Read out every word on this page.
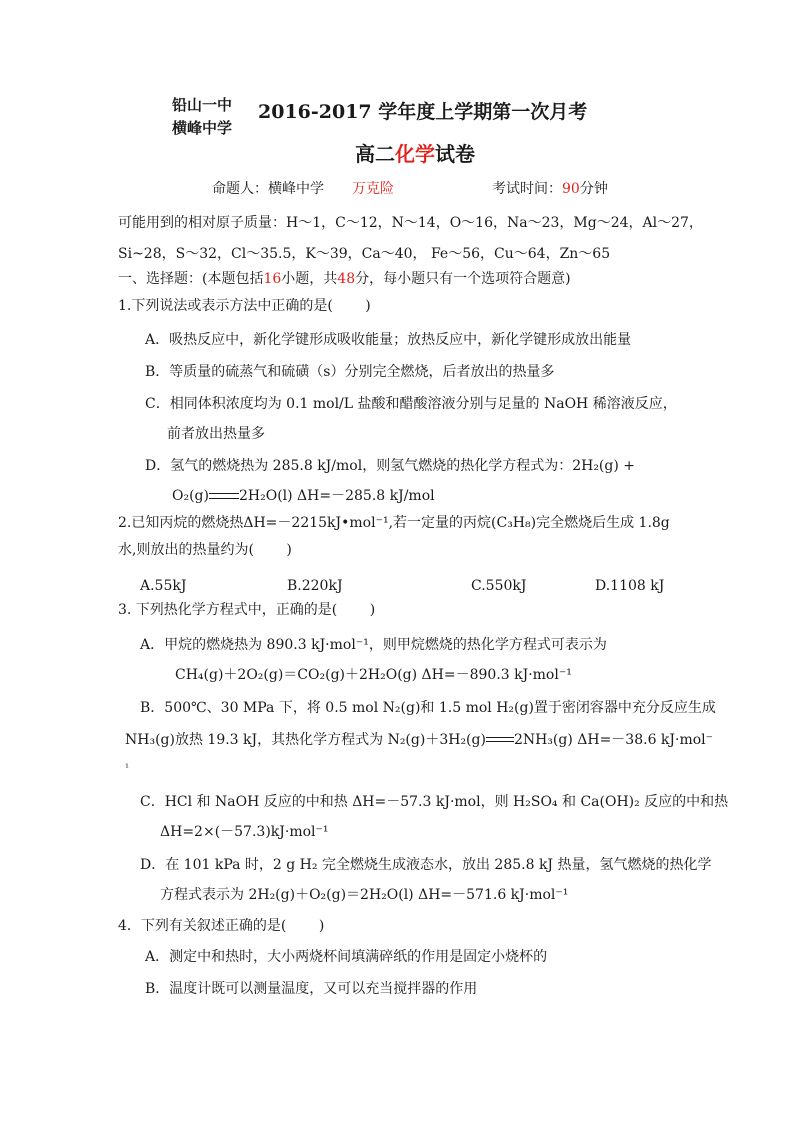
铅山一中
横峰中学
2016-2017 学年度上学期第一次月考
高二化学试卷
命题人：横峰中学 万克险	考试时间：90分钟
可能用到的相对原子质量：H～1，C～12，N～14，O～16，Na～23，Mg～24，Al～27，
Si~28，S～32，Cl～35.5，K～39，Ca～40， Fe～56，Cu～64，Zn～65
一、选择题：(本题包括16小题，共48分，每小题只有一个选项符合题意)
1.下列说法或表示方法中正确的是(　　 )
A．吸热反应中，新化学键形成吸收能量；放热反应中，新化学键形成放出能量
B．等质量的硫蒸气和硫磺（s）分别完全燃烧，后者放出的热量多
C．相同体积浓度均为 0.1 mol/L 盐酸和醋酸溶液分别与足量的 NaOH 稀溶液反应，
前者放出热量多
D．氢气的燃烧热为 285.8 kJ/mol，则氢气燃烧的热化学方程式为：2H₂(g) +
O₂(g) 2H₂O(l) ΔH=－285.8 kJ/mol
2.已知丙烷的燃烧热ΔH=－2215kJ•mol⁻¹,若一定量的丙烷(C₃H₈)完全燃烧后生成 1.8g
水,则放出的热量约为(　　 )
A.55kJ	B.220kJ	C.550kJ	D.1108 kJ
3. 下列热化学方程式中，正确的是(　　 )
A．甲烷的燃烧热为 890.3 kJ·mol⁻¹，则甲烷燃烧的热化学方程式可表示为
CH₄(g)＋2O₂(g)＝CO₂(g)＋2H₂O(g) ΔH=－890.3 kJ·mol⁻¹
B．500℃、30 MPa 下，将 0.5 mol N₂(g)和 1.5 mol H₂(g)置于密闭容器中充分反应生成
NH₃(g)放热 19.3 kJ，其热化学方程式为 N₂(g)＋3H₂(g) 2NH₃(g) ΔH=－38.6 kJ·mol⁻
¹
C．HCl 和 NaOH 反应的中和热 ΔH=－57.3 kJ·mol，则 H₂SO₄ 和 Ca(OH)₂ 反应的中和热
ΔH=2×(－57.3)kJ·mol⁻¹
D．在 101 kPa 时，2 g H₂ 完全燃烧生成液态水，放出 285.8 kJ 热量，氢气燃烧的热化学
方程式表示为 2H₂(g)＋O₂(g)＝2H₂O(l) ΔH=－571.6 kJ·mol⁻¹
4．下列有关叙述正确的是(　　 )
A．测定中和热时，大小两烧杯间填满碎纸的作用是固定小烧杯的
B．温度计既可以测量温度，又可以充当搅拌器的作用
